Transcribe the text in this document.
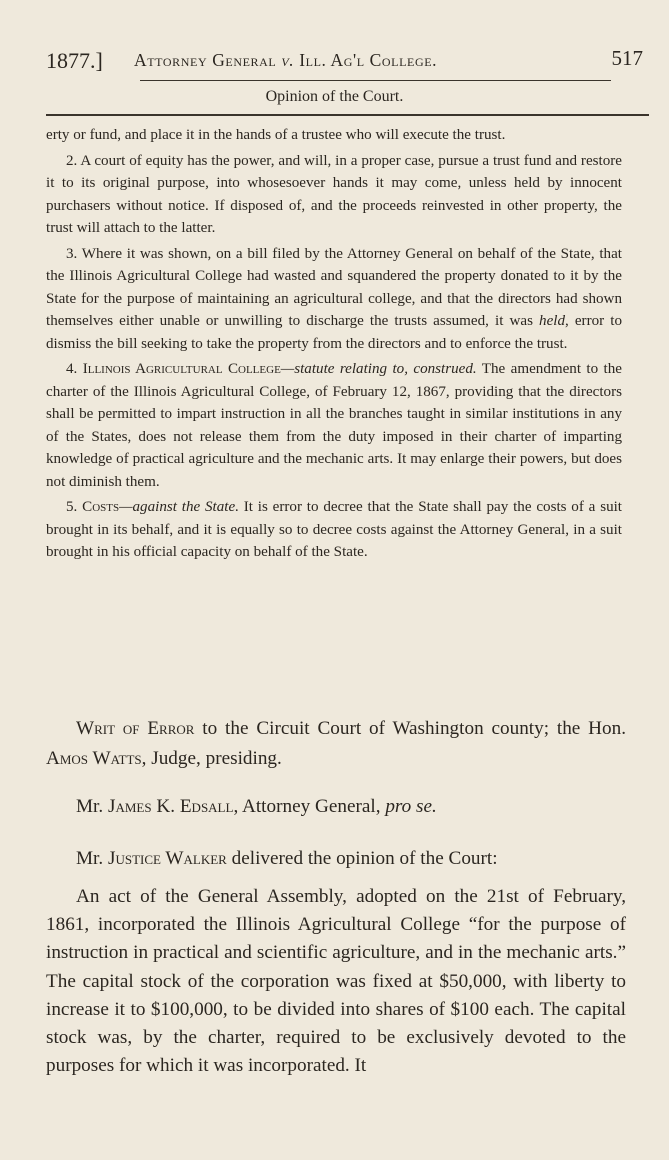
1877.] Attorney General v. Ill. Ag'l College.	517
Opinion of the Court.

erty or fund, and place it in the hands of a trustee who will execute the trust.

2. A court of equity has the power, and will, in a proper case, pursue a trust fund and restore it to its original purpose, into whosesoever hands it may come, unless held by innocent purchasers without notice. If disposed of, and the proceeds reinvested in other property, the trust will attach to the latter.

3. Where it was shown, on a bill filed by the Attorney General on behalf of the State, that the Illinois Agricultural College had wasted and squandered the property donated to it by the State for the purpose of maintaining an agricultural college, and that the directors had shown themselves either unable or unwilling to discharge the trusts assumed, it was held, error to dismiss the bill seeking to take the property from the directors and to enforce the trust.

4. Illinois Agricultural College—statute relating to, construed. The amendment to the charter of the Illinois Agricultural College, of February 12, 1867, providing that the directors shall be permitted to impart instruction in all the branches taught in similar institutions in any of the States, does not release them from the duty imposed in their charter of imparting knowledge of practical agriculture and the mechanic arts. It may enlarge their powers, but does not diminish them.

5. Costs—against the State. It is error to decree that the State shall pay the costs of a suit brought in its behalf, and it is equally so to decree costs against the Attorney General, in a suit brought in his official capacity on behalf of the State.

Writ of Error to the Circuit Court of Washington county; the Hon. Amos Watts, Judge, presiding.

Mr. James K. Edsall, Attorney General, pro se.

Mr. Justice Walker delivered the opinion of the Court:

An act of the General Assembly, adopted on the 21st of February, 1861, incorporated the Illinois Agricultural College “for the purpose of instruction in practical and scientific agriculture, and in the mechanic arts.” The capital stock of the corporation was fixed at $50,000, with liberty to increase it to $100,000, to be divided into shares of $100 each. The capital stock was, by the charter, required to be exclusively devoted to the purposes for which it was incorporated. It
